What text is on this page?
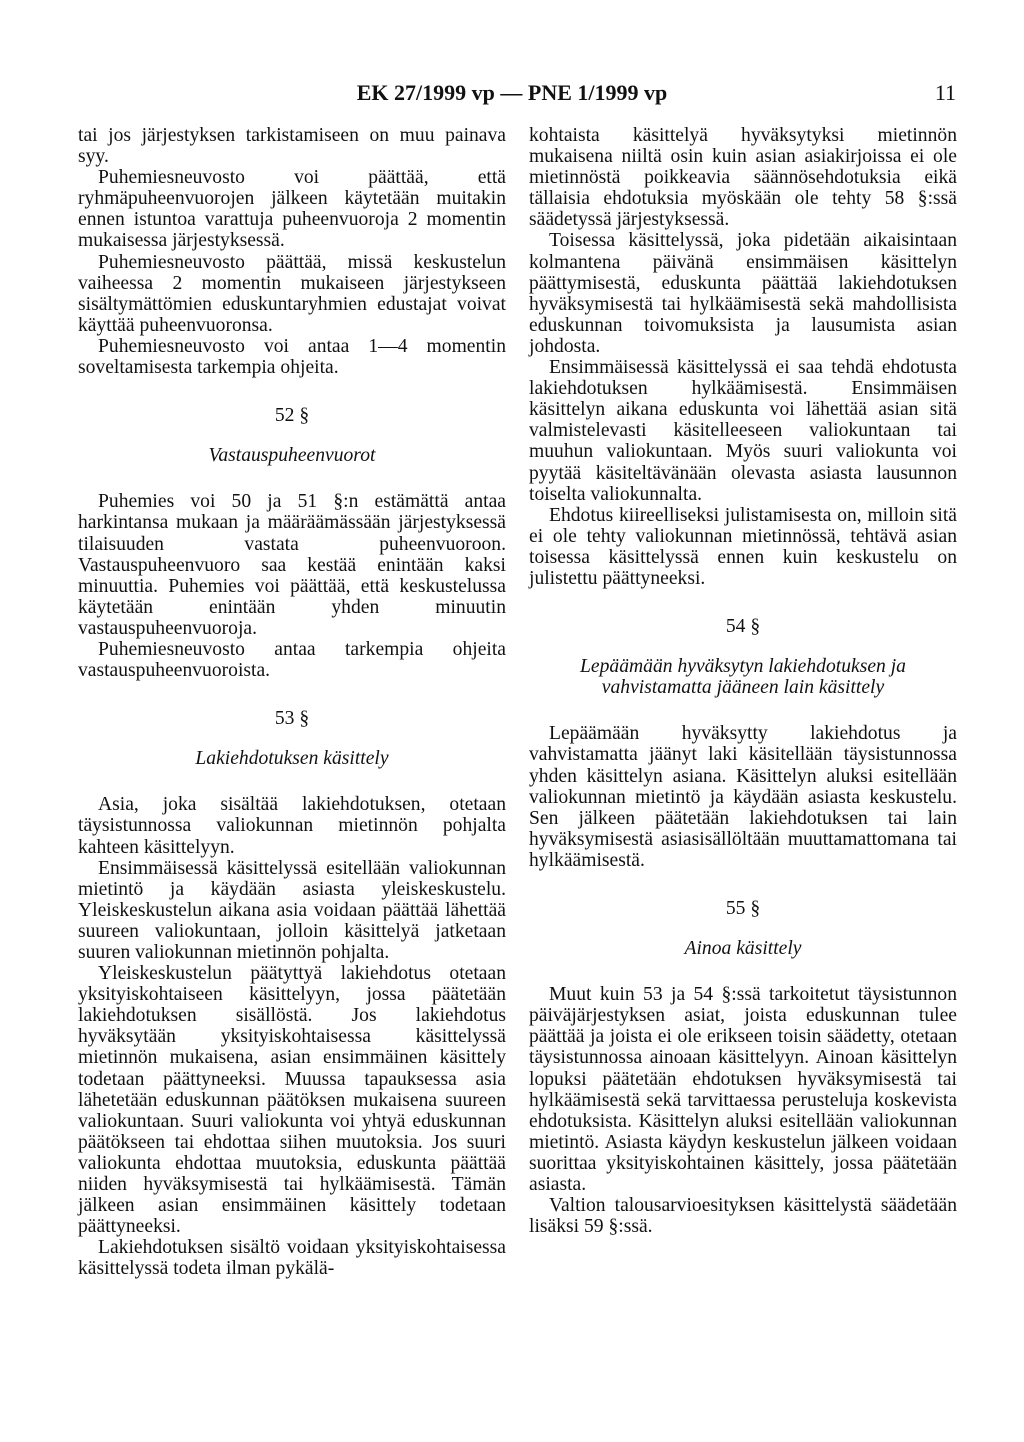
EK 27/1999 vp — PNE 1/1999 vp	11

tai jos järjestyksen tarkistamiseen on muu painava syy.

Puhemiesneuvosto voi päättää, että ryhmäpuheenvuorojen jälkeen käytetään muitakin ennen istuntoa varattuja puheenvuoroja 2 momentin mukaisessa järjestyksessä.

Puhemiesneuvosto päättää, missä keskustelun vaiheessa 2 momentin mukaiseen järjestykseen sisältymättömien eduskuntaryhmien edustajat voivat käyttää puheenvuoronsa.

Puhemiesneuvosto voi antaa 1—4 momentin soveltamisesta tarkempia ohjeita.

52 §
Vastauspuheenvuorot

Puhemies voi 50 ja 51 §:n estämättä antaa harkintansa mukaan ja määräämässään järjestyksessä tilaisuuden vastata puheenvuoroon. Vastauspuheenvuoro saa kestää enintään kaksi minuuttia. Puhemies voi päättää, että keskustelussa käytetään enintään yhden minuutin vastauspuheenvuoroja.

Puhemiesneuvosto antaa tarkempia ohjeita vastauspuheenvuoroista.

53 §
Lakiehdotuksen käsittely

Asia, joka sisältää lakiehdotuksen, otetaan täysistunnossa valiokunnan mietinnön pohjalta kahteen käsittelyyn.

Ensimmäisessä käsittelyssä esitellään valiokunnan mietintö ja käydään asiasta yleiskeskustelu. Yleiskeskustelun aikana asia voidaan päättää lähettää suureen valiokuntaan, jolloin käsittelyä jatketaan suuren valiokunnan mietinnön pohjalta.

Yleiskeskustelun päätyttyä lakiehdotus otetaan yksityiskohtaiseen käsittelyyn, jossa päätetään lakiehdotuksen sisällöstä. Jos lakiehdotus hyväksytään yksityiskohtaisessa käsittelyssä mietinnön mukaisena, asian ensimmäinen käsittely todetaan päättyneeksi. Muussa tapauksessa asia lähetetään eduskunnan päätöksen mukaisena suureen valiokuntaan. Suuri valiokunta voi yhtyä eduskunnan päätökseen tai ehdottaa siihen muutoksia. Jos suuri valiokunta ehdottaa muutoksia, eduskunta päättää niiden hyväksymisestä tai hylkäämisestä. Tämän jälkeen asian ensimmäinen käsittely todetaan päättyneeksi.

Lakiehdotuksen sisältö voidaan yksityiskohtaisessa käsittelyssä todeta ilman pykälä-

kohtaista käsittelyä hyväksytyksi mietinnön mukaisena niiltä osin kuin asian asiakirjoissa ei ole mietinnöstä poikkeavia säännösehdotuksia eikä tällaisia ehdotuksia myöskään ole tehty 58 §:ssä säädetyssä järjestyksessä.

Toisessa käsittelyssä, joka pidetään aikaisintaan kolmantena päivänä ensimmäisen käsittelyn päättymisestä, eduskunta päättää lakiehdotuksen hyväksymisestä tai hylkäämisestä sekä mahdollisista eduskunnan toivomuksista ja lausumista asian johdosta.

Ensimmäisessä käsittelyssä ei saa tehdä ehdotusta lakiehdotuksen hylkäämisestä. Ensimmäisen käsittelyn aikana eduskunta voi lähettää asian sitä valmistelevasti käsitelleeseen valiokuntaan tai muuhun valiokuntaan. Myös suuri valiokunta voi pyytää käsiteltävänään olevasta asiasta lausunnon toiselta valiokunnalta.

Ehdotus kiireelliseksi julistamisesta on, milloin sitä ei ole tehty valiokunnan mietinnössä, tehtävä asian toisessa käsittelyssä ennen kuin keskustelu on julistettu päättyneeksi.

54 §
Lepäämään hyväksytyn lakiehdotuksen ja vahvistamatta jääneen lain käsittely

Lepäämään hyväksytty lakiehdotus ja vahvistamatta jäänyt laki käsitellään täysistunnossa yhden käsittelyn asiana. Käsittelyn aluksi esitellään valiokunnan mietintö ja käydään asiasta keskustelu. Sen jälkeen päätetään lakiehdotuksen tai lain hyväksymisestä asiasisällöltään muuttamattomana tai hylkäämisestä.

55 §
Ainoa käsittely

Muut kuin 53 ja 54 §:ssä tarkoitetut täysistunnon päiväjärjestyksen asiat, joista eduskunnan tulee päättää ja joista ei ole erikseen toisin säädetty, otetaan täysistunnossa ainoaan käsittelyyn. Ainoan käsittelyn lopuksi päätetään ehdotuksen hyväksymisestä tai hylkäämisestä sekä tarvittaessa perusteluja koskevista ehdotuksista. Käsittelyn aluksi esitellään valiokunnan mietintö. Asiasta käydyn keskustelun jälkeen voidaan suorittaa yksityiskohtainen käsittely, jossa päätetään asiasta.

Valtion talousarvioesityksen käsittelystä säädetään lisäksi 59 §:ssä.
